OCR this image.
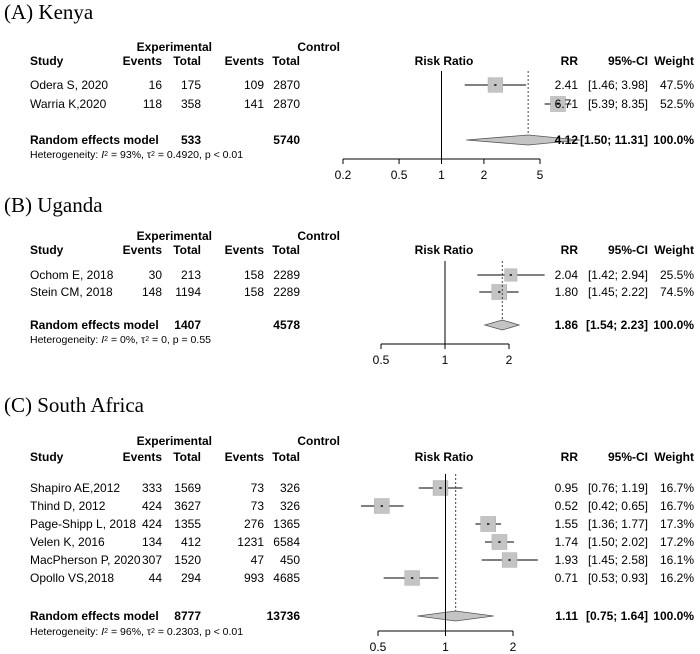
(A) Kenya
Experimental	Control
Study	Events Total Events Total	Risk Ratio	RR 95%-CI Weight
Odera S, 2020	16 175	109 2870	2.41 [1.46; 3.98] 47.5%
Warria K,2020	118 358	141 2870	6.71 [5.39; 8.35] 52.5%
Random effects model 533	5740	4.12 [1.50; 11.31] 100.0%
Heterogeneity: $I^2 = 93\%$, $\tau^2 = 0.4920$, p < 0.01
0.2	0.5	1	2	5
(B) Uganda
Experimental	Control
Study	Events Total Events Total	Risk Ratio	RR 95%-CI Weight
Ochom E, 2018	30 213	158 2289	2.04 [1.42; 2.94] 25.5%
Stein CM, 2018 148 1194	158 2289	1.80 [1.45; 2.22] 74.5%
Random effects model 1407	4578	1.86 [1.54; 2.23] 100.0%
Heterogeneity: $I^2 = 0\%$, $\tau^2 = 0$, p = 0.55
0.5	1	2
(C) South Africa
Experimental	Control
Study	Events Total Events Total	Risk Ratio	RR 95%-CI Weight
Shapiro AE,2012 333 1569	73 326	0.95 [0.76; 1.19] 16.7%
Thind D, 2012	424 3627	73 326	0.52 [0.42; 0.65] 16.7%
Page-Shipp L, 2018 424 1355	276 1365	1.55 [1.36; 1.77] 17.3%
Velen K, 2016	134 412	1231 6584	1.74 [1.50; 2.02] 17.2%
MacPherson P, 2020 307 1520	47 450	1.93 [1.45; 2.58] 16.1%
Opollo VS,2018	44 294	993 4685	0.71 [0.53; 0.93] 16.2%
Random effects model 8777	13736	1.11 [0.75; 1.64] 100.0%
Heterogeneity: $I^2 = 96\%$, $\tau^2 = 0.2303$, p < 0.01
0.5	1	2
